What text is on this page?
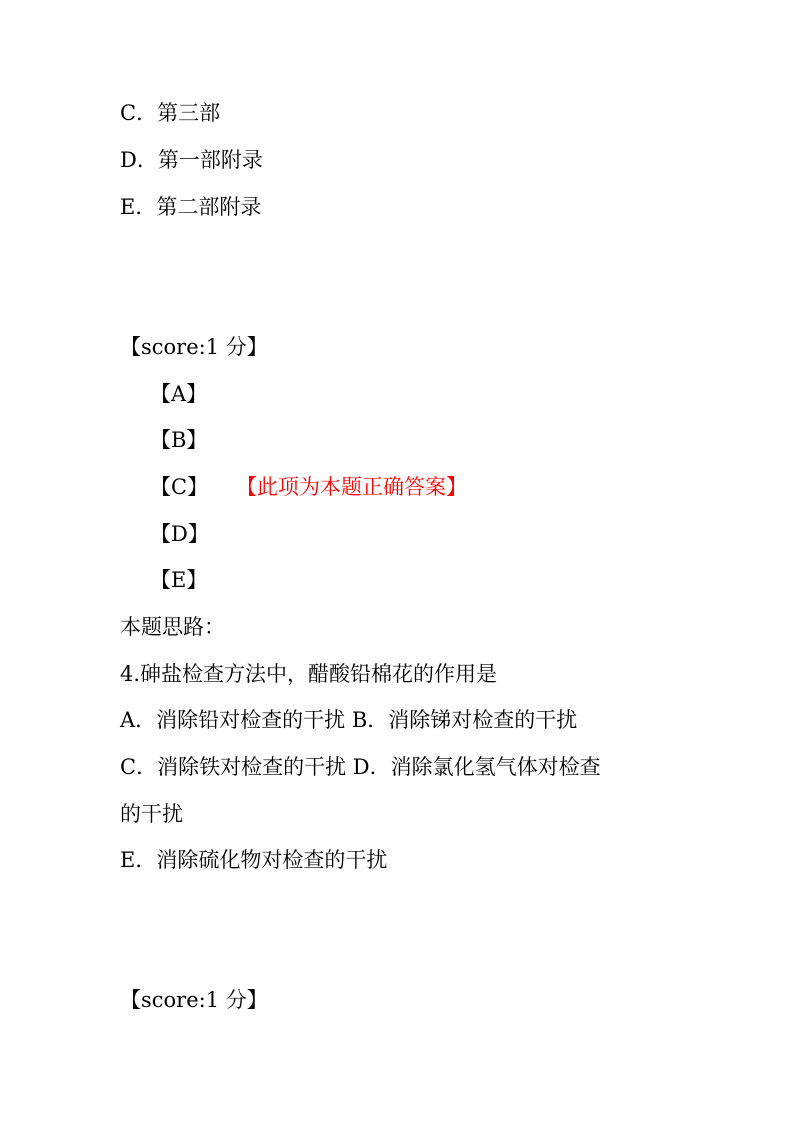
C．第三部

D．第一部附录

E．第二部附录

【score:1 分】

【A】

【B】

【C】 【此项为本题正确答案】

【D】

【E】

本题思路：

4.砷盐检查方法中，醋酸铅棉花的作用是

A．消除铅对检查的干扰 B．消除锑对检查的干扰

C．消除铁对检查的干扰 D．消除氯化氢气体对检查

的干扰

E．消除硫化物对检查的干扰

【score:1 分】
